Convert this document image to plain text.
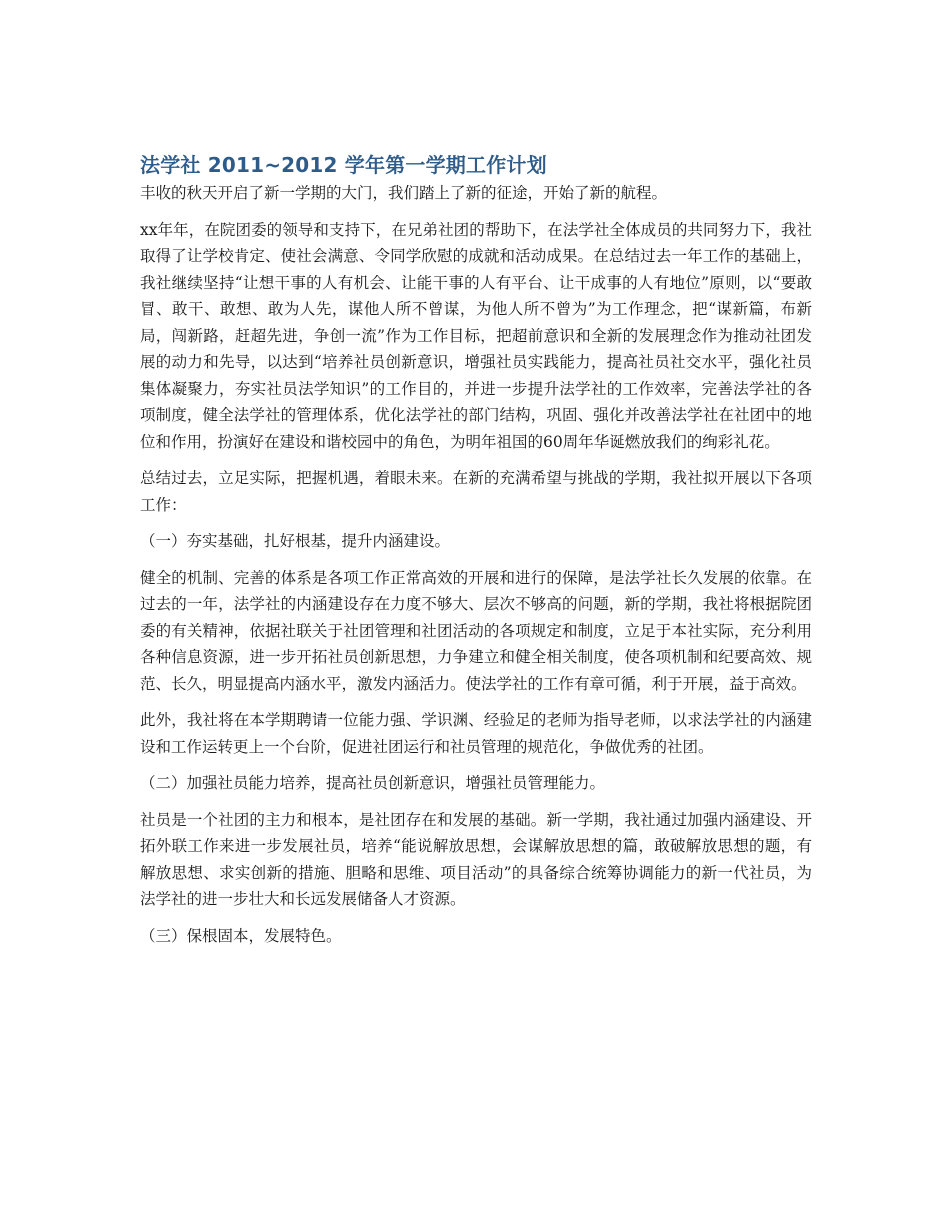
法学社 2011~2012 学年第一学期工作计划

丰收的秋天开启了新一学期的大门，我们踏上了新的征途，开始了新的航程。

xx年年，在院团委的领导和支持下，在兄弟社团的帮助下，在法学社全体成员的共同努力下，我社取得了让学校肯定、使社会满意、令同学欣慰的成就和活动成果。在总结过去一年工作的基础上，我社继续坚持“让想干事的人有机会、让能干事的人有平台、让干成事的人有地位”原则，以“要敢冒、敢干、敢想、敢为人先，谋他人所不曾谋，为他人所不曾为”为工作理念，把“谋新篇，布新局，闯新路，赶超先进，争创一流”作为工作目标，把超前意识和全新的发展理念作为推动社团发展的动力和先导，以达到“培养社员创新意识，增强社员实践能力，提高社员社交水平，强化社员集体凝聚力，夯实社员法学知识”的工作目的，并进一步提升法学社的工作效率，完善法学社的各项制度，健全法学社的管理体系，优化法学社的部门结构，巩固、强化并改善法学社在社团中的地位和作用，扮演好在建设和谐校园中的角色，为明年祖国的60周年华诞燃放我们的绚彩礼花。

总结过去，立足实际，把握机遇，着眼未来。在新的充满希望与挑战的学期，我社拟开展以下各项工作：

（一）夯实基础，扎好根基，提升内涵建设。

健全的机制、完善的体系是各项工作正常高效的开展和进行的保障，是法学社长久发展的依靠。在过去的一年，法学社的内涵建设存在力度不够大、层次不够高的问题，新的学期，我社将根据院团委的有关精神，依据社联关于社团管理和社团活动的各项规定和制度，立足于本社实际，充分利用各种信息资源，进一步开拓社员创新思想，力争建立和健全相关制度，使各项机制和纪要高效、规范、长久，明显提高内涵水平，激发内涵活力。使法学社的工作有章可循，利于开展，益于高效。

此外，我社将在本学期聘请一位能力强、学识渊、经验足的老师为指导老师，以求法学社的内涵建设和工作运转更上一个台阶，促进社团运行和社员管理的规范化，争做优秀的社团。

（二）加强社员能力培养，提高社员创新意识，增强社员管理能力。

社员是一个社团的主力和根本，是社团存在和发展的基础。新一学期，我社通过加强内涵建设、开拓外联工作来进一步发展社员，培养“能说解放思想，会谋解放思想的篇，敢破解放思想的题，有解放思想、求实创新的措施、胆略和思维、项目活动”的具备综合统筹协调能力的新一代社员，为法学社的进一步壮大和长远发展储备人才资源。

（三）保根固本，发展特色。
